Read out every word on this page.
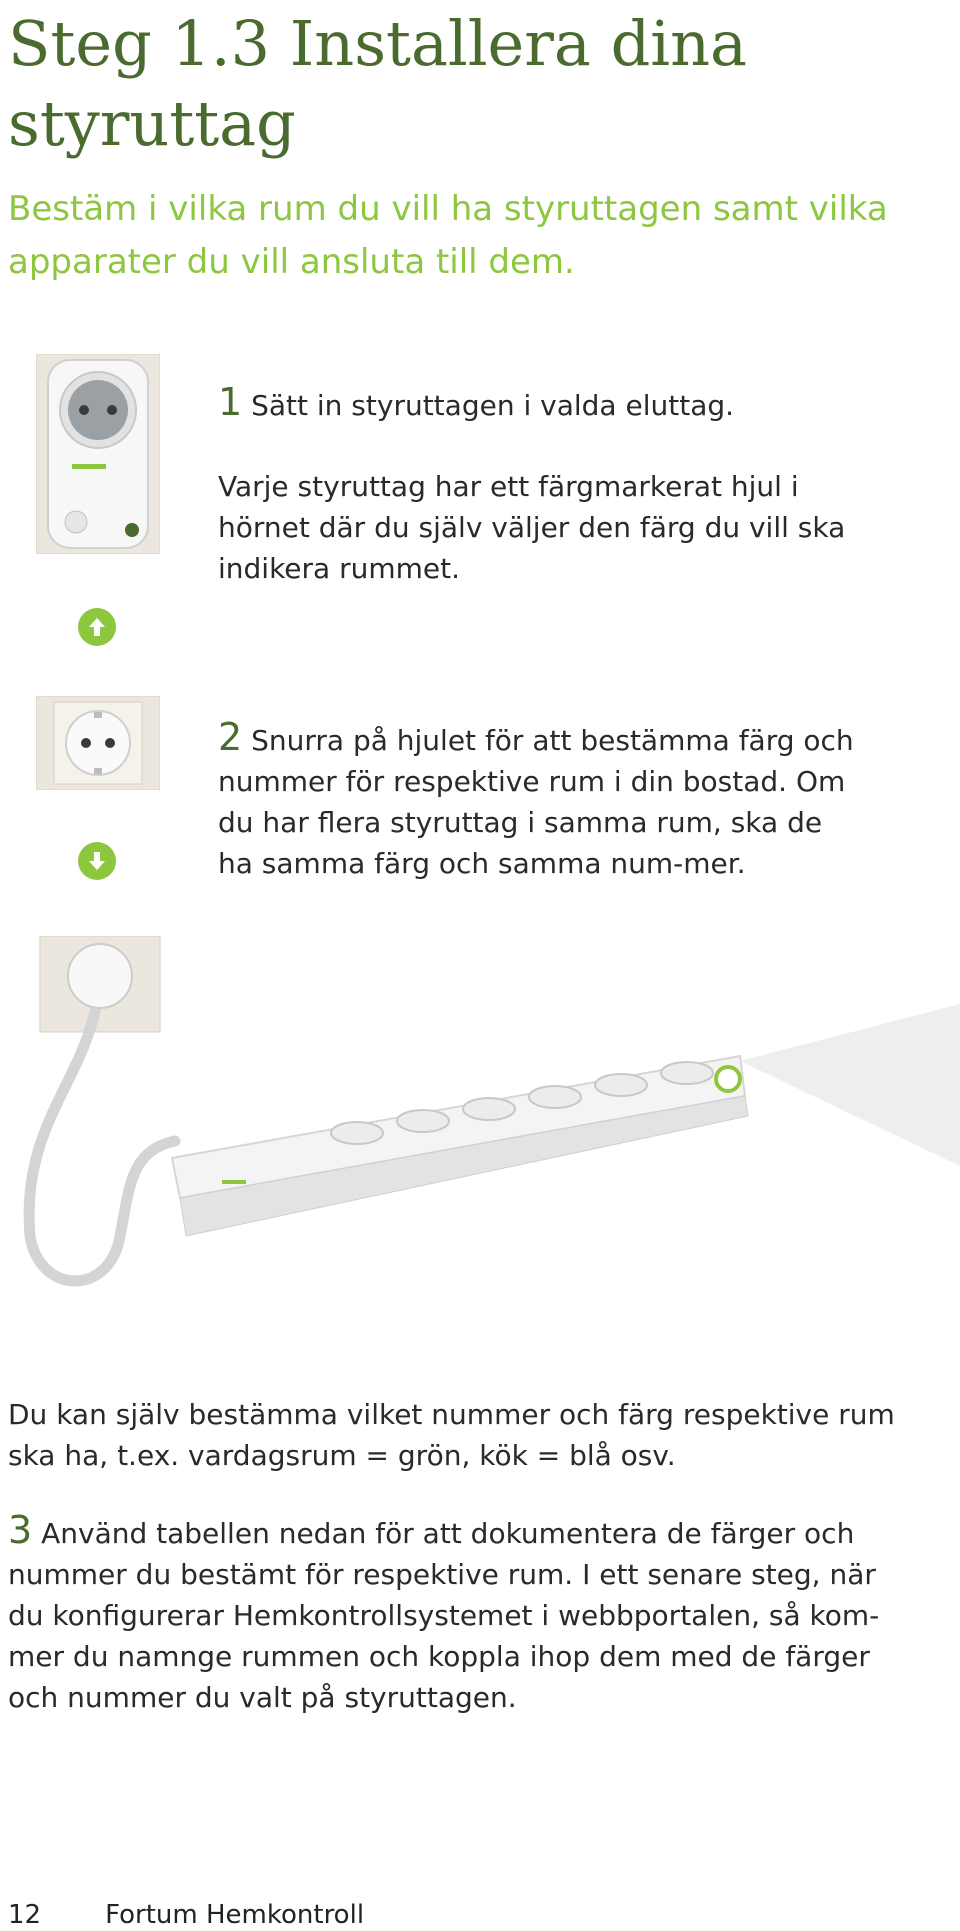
Steg 1.3 Installera dina styruttag

Bestäm i vilka rum du vill ha styruttagen samt vilka apparater du vill ansluta till dem.

1 Sätt in styruttagen i valda eluttag.

Varje styruttag har ett färgmarkerat hjul i hörnet där du själv väljer den färg du vill ska indikera rummet.

2 Snurra på hjulet för att bestämma färg och nummer för respektive rum i din bostad. Om du har flera styruttag i samma rum, ska de ha samma färg och samma num-mer.

Du kan själv bestämma vilket nummer och färg respektive rum ska ha, t.ex. vardagsrum = grön, kök = blå osv.

3 Använd tabellen nedan för att dokumentera de färger och nummer du bestämt för respektive rum. I ett senare steg, när du konfigurerar Hemkontrollsystemet i webbportalen, så kom-mer du namnge rummen och koppla ihop dem med de färger och nummer du valt på styruttagen.

12 Fortum Hemkontroll
